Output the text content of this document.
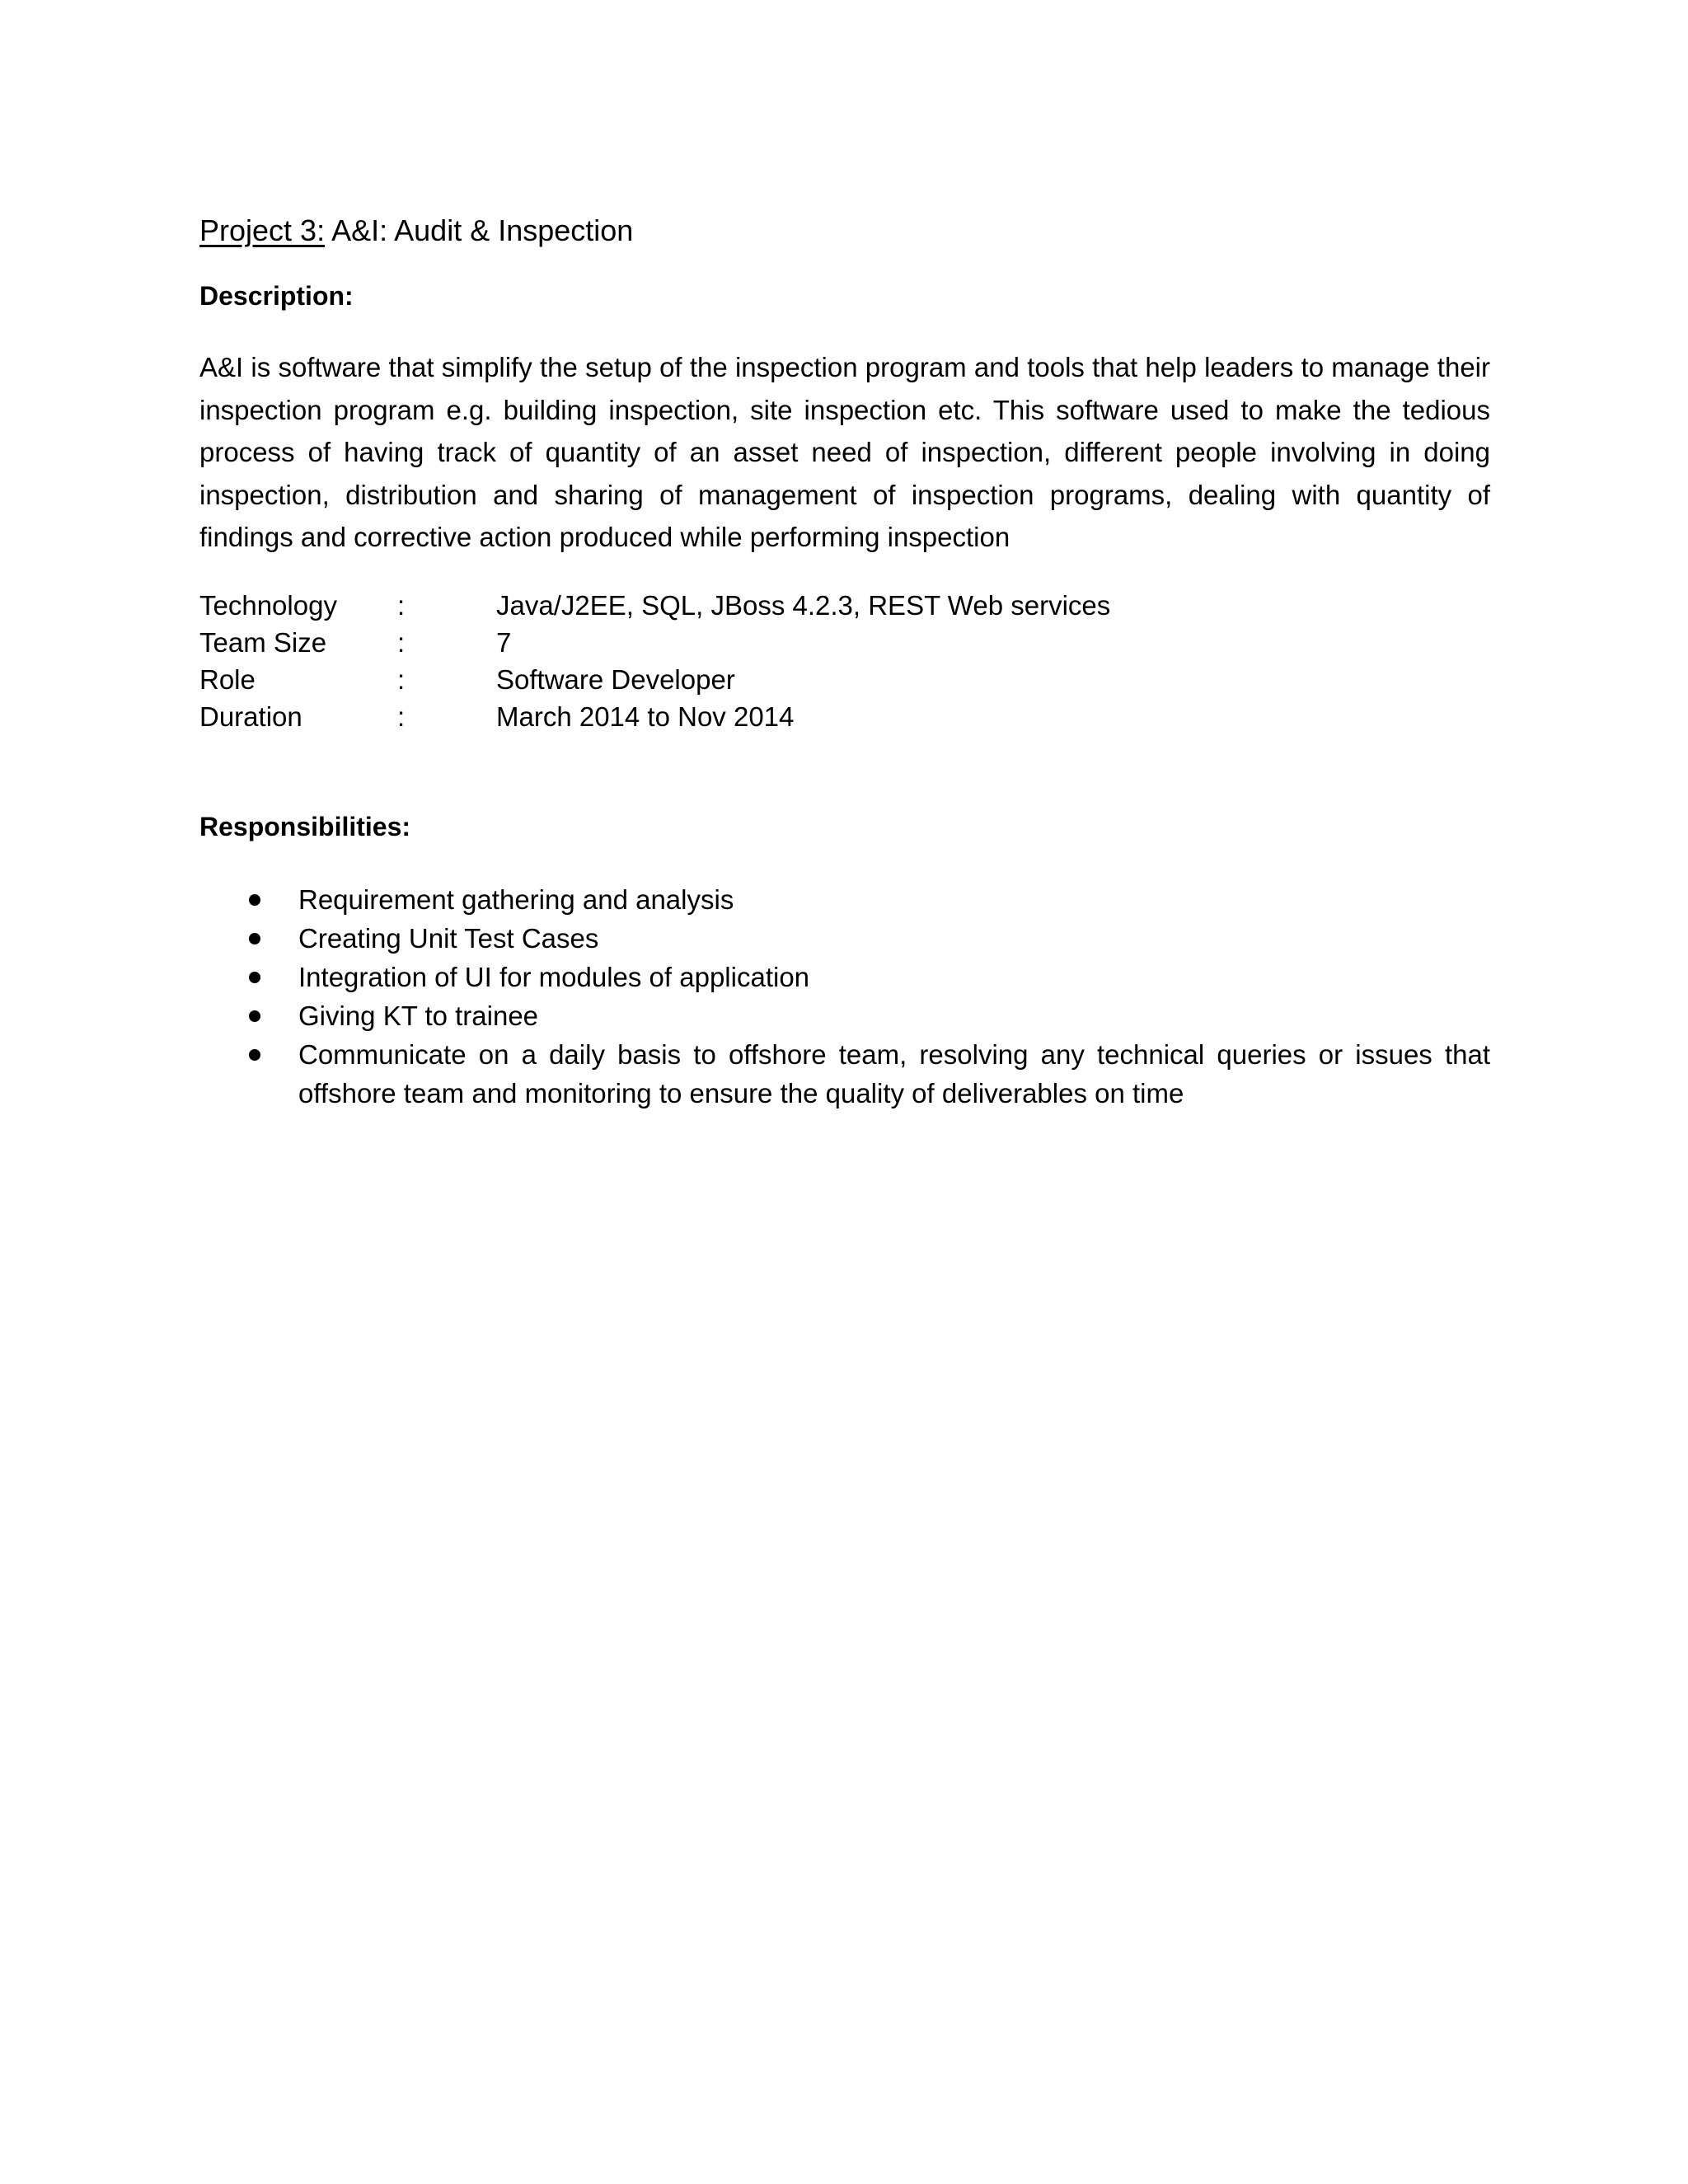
Project 3: A&I: Audit & Inspection

Description:

A&I is software that simplify the setup of the inspection program and tools that help leaders to manage their inspection program e.g. building inspection, site inspection etc. This software used to make the tedious process of having track of quantity of an asset need of inspection, different people involving in doing inspection, distribution and sharing of management of inspection programs, dealing with quantity of findings and corrective action produced while performing inspection

Technology	:	Java/J2EE, SQL, JBoss 4.2.3, REST Web services
Team Size	:	7
Role	:	Software Developer
Duration	:	March 2014 to Nov 2014

Responsibilities:

Requirement gathering and analysis
Creating Unit Test Cases
Integration of UI for modules of application
Giving KT to trainee
Communicate on a daily basis to offshore team, resolving any technical queries or issues that offshore team and monitoring to ensure the quality of deliverables on time
